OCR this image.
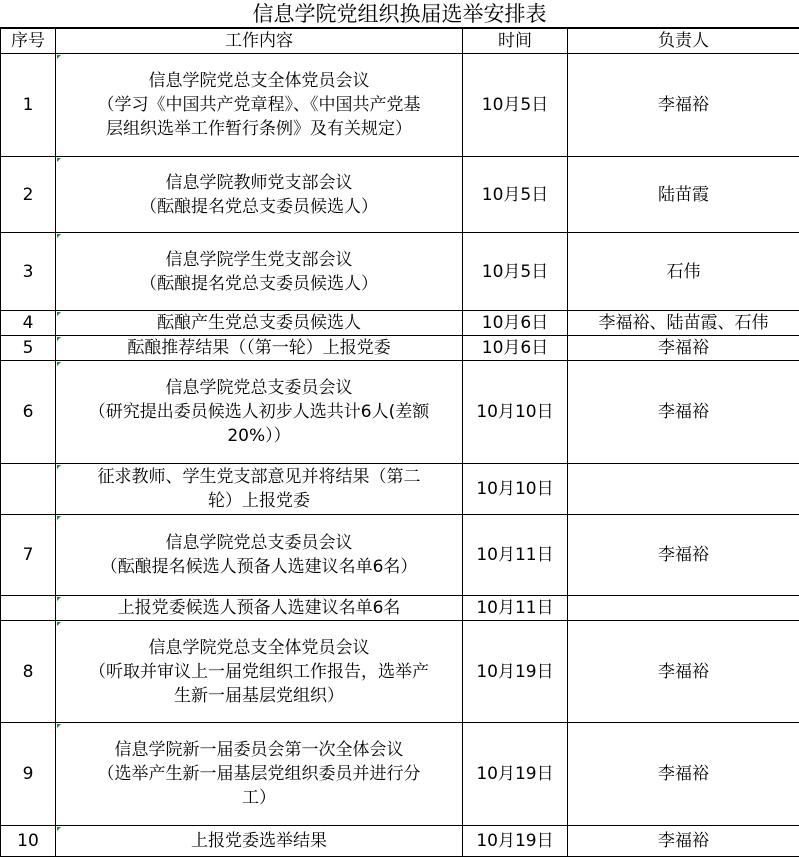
信息学院党组织换届选举安排表
序号	工作内容	时间	负责人
1	信息学院党总支全体党员会议
（学习《中国共产党章程》、《中国共产党基
层组织选举工作暂行条例》及有关规定）	10月5日	李福裕
2	信息学院教师党支部会议
（酝酿提名党总支委员候选人）	10月5日	陆苗霞
3	信息学院学生党支部会议
（酝酿提名党总支委员候选人）	10月5日	石伟
4	酝酿产生党总支委员候选人	10月6日	李福裕、陆苗霞、石伟
5	酝酿推荐结果（（第一轮）上报党委	10月6日	李福裕
6	信息学院党总支委员会议
（研究提出委员候选人初步人选共计6人(差额
20%））	10月10日	李福裕

	征求教师、学生党支部意见并将结果（第二
轮）上报党委	10月10日	
7	信息学院党总支委员会议
（酝酿提名候选人预备人选建议名单6名）	10月11日	李福裕

	上报党委候选人预备人选建议名单6名	10月11日	
8	信息学院党总支全体党员会议
（听取并审议上一届党组织工作报告，选举产
生新一届基层党组织）	10月19日	李福裕
9	信息学院新一届委员会第一次全体会议
（选举产生新一届基层党组织委员并进行分
工）	10月19日	李福裕
10	上报党委选举结果	10月19日	李福裕
